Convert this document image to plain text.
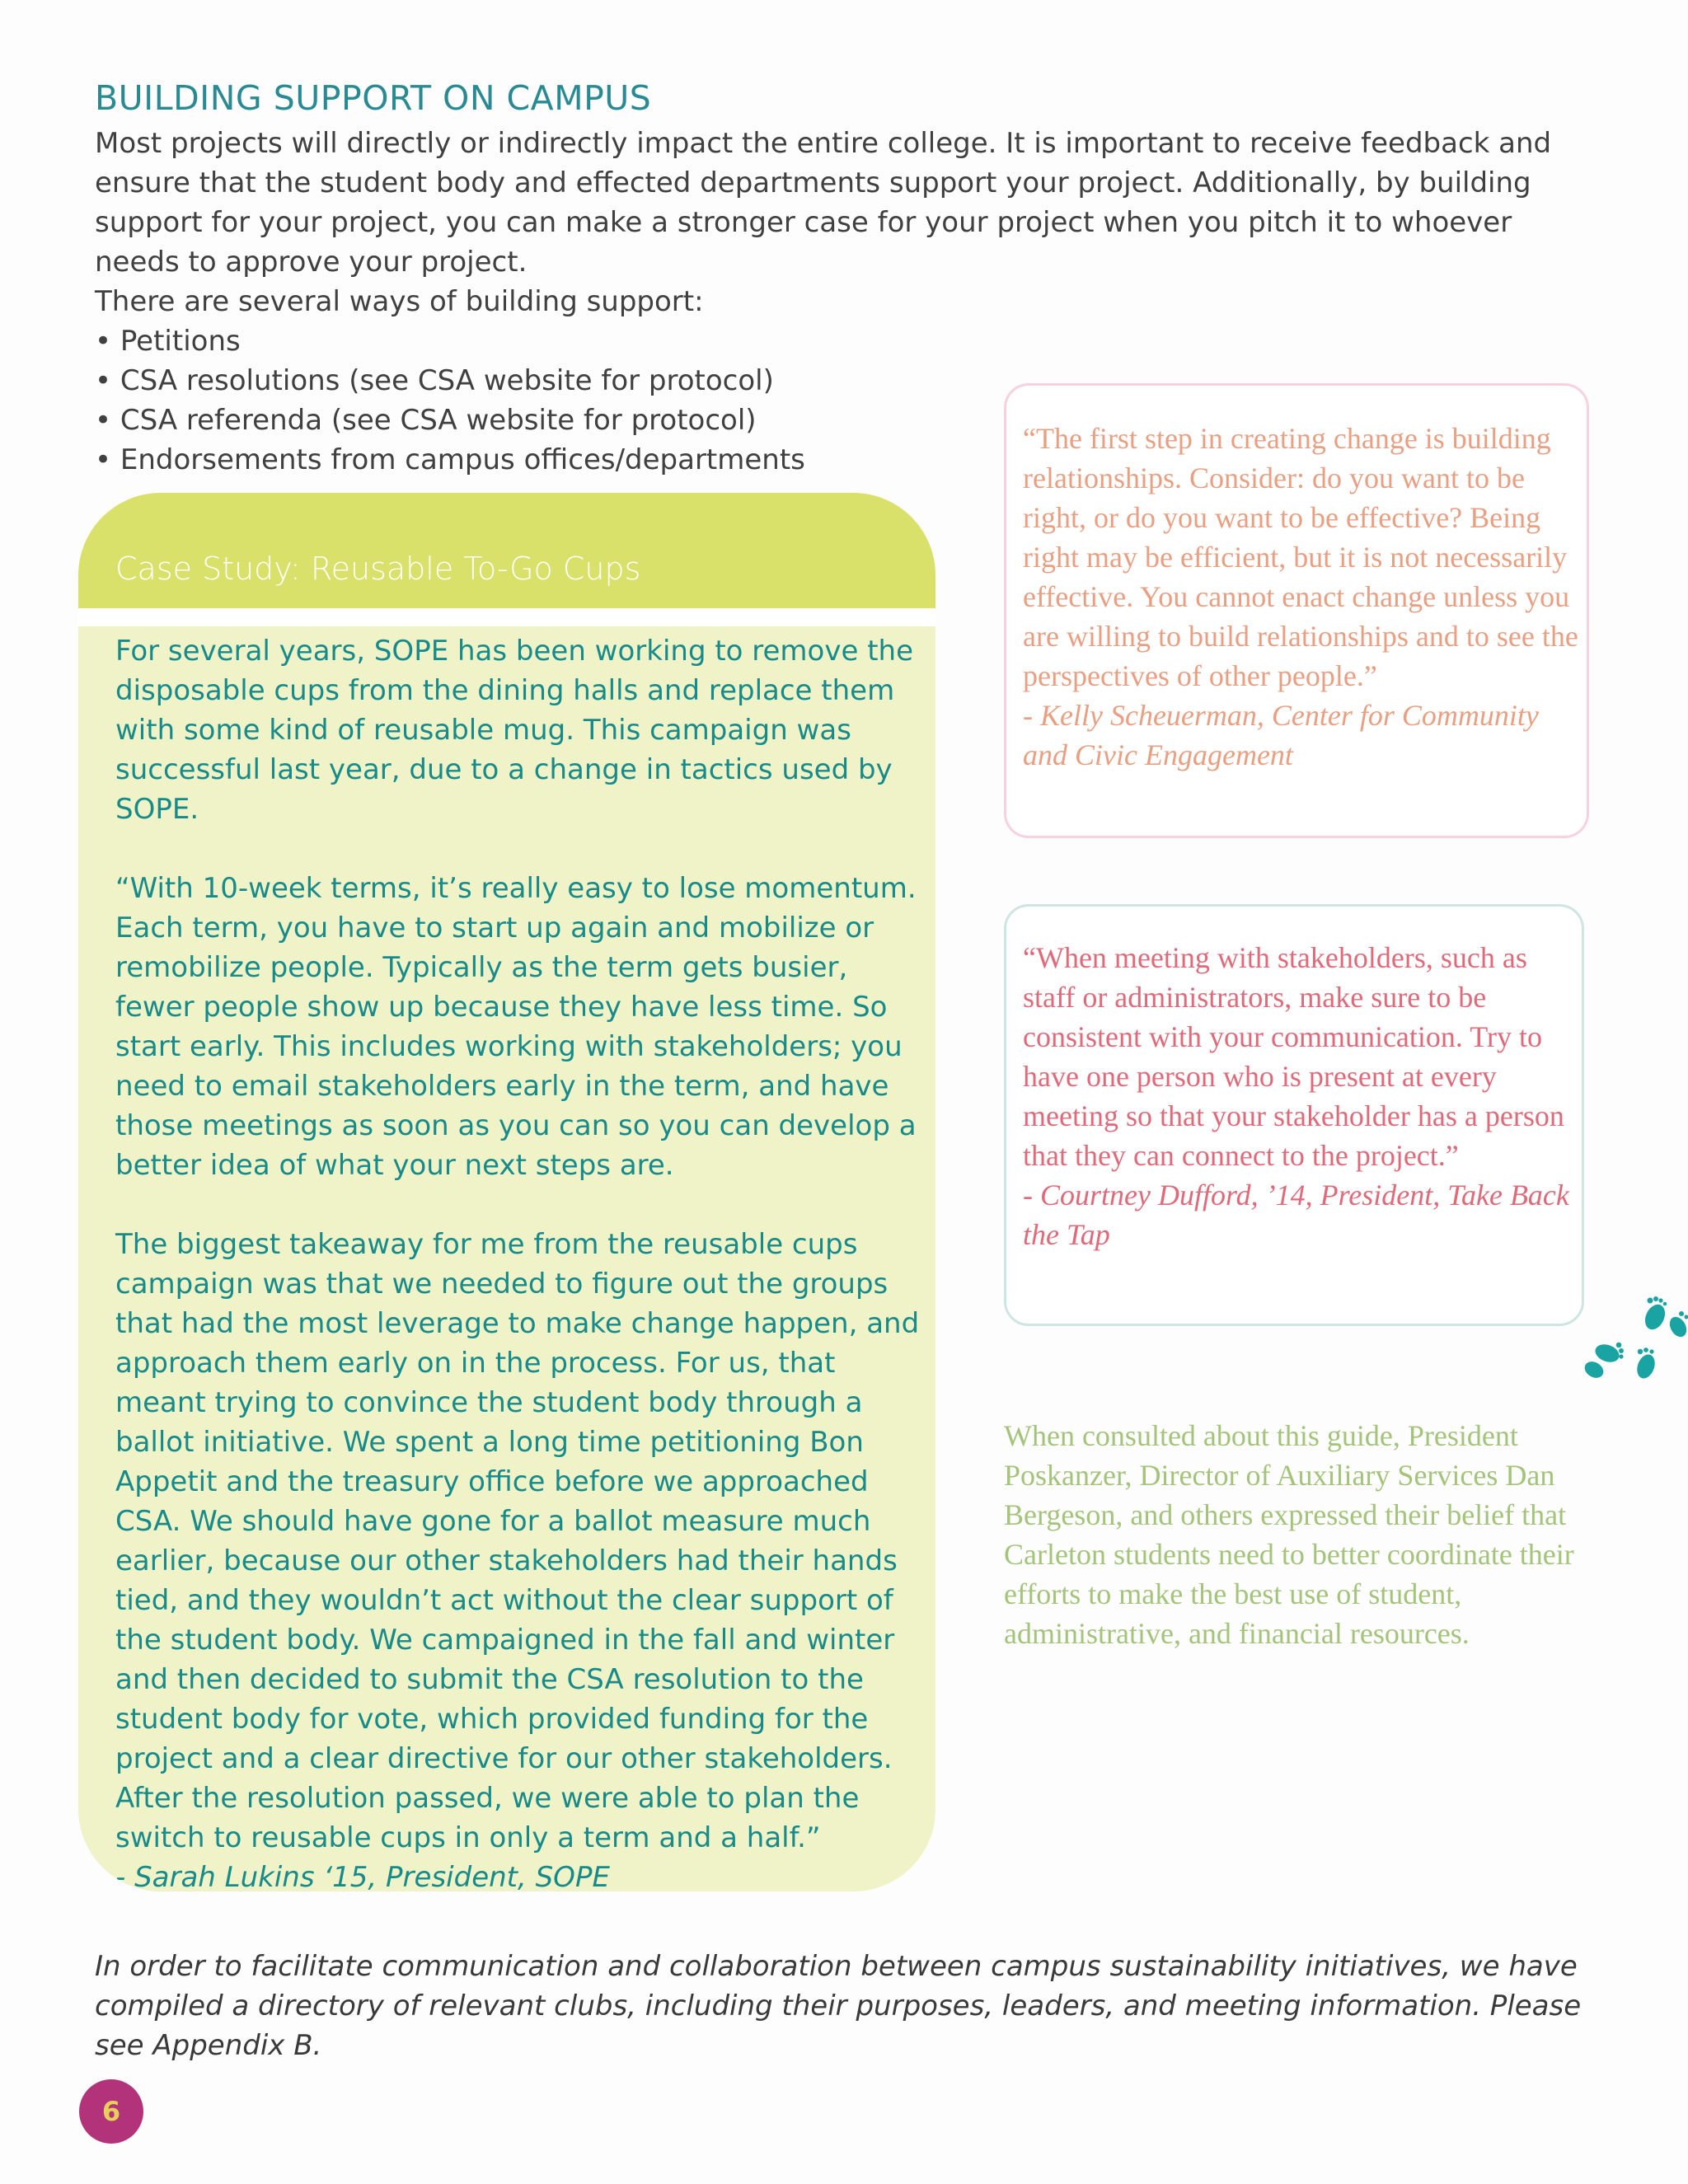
BUILDING SUPPORT ON CAMPUS

Most projects will directly or indirectly impact the entire college. It is important to receive feedback and ensure that the student body and effected departments support your project. Additionally, by building support for your project, you can make a stronger case for your project when you pitch it to whoever needs to approve your project.

There are several ways of building support:

• Petitions
• CSA resolutions (see CSA website for protocol)
• CSA referenda (see CSA website for protocol)
• Endorsements from campus offices/departments
Case Study: Reusable To-Go Cups

For several years, SOPE has been working to remove the disposable cups from the dining halls and replace them with some kind of reusable mug. This campaign was successful last year, due to a change in tactics used by SOPE.

“With 10-week terms, it’s really easy to lose momentum. Each term, you have to start up again and mobilize or remobilize people. Typically as the term gets busier, fewer people show up because they have less time. So start early. This includes working with stakeholders; you need to email stakeholders early in the term, and have those meetings as soon as you can so you can develop a better idea of what your next steps are.

The biggest takeaway for me from the reusable cups campaign was that we needed to figure out the groups that had the most leverage to make change happen, and approach them early on in the process. For us, that meant trying to convince the student body through a ballot initiative. We spent a long time petitioning Bon Appetit and the treasury office before we approached CSA. We should have gone for a ballot measure much earlier, because our other stakeholders had their hands tied, and they wouldn’t act without the clear support of the student body. We campaigned in the fall and winter and then decided to submit the CSA resolution to the student body for vote, which provided funding for the project and a clear directive for our other stakeholders. After the resolution passed, we were able to plan the switch to reusable cups in only a term and a half.”

- Sarah Lukins ‘15, President, SOPE

“The first step in creating change is building relationships. Consider: do you want to be right, or do you want to be effective? Being right may be efficient, but it is not necessarily effective. You cannot enact change unless you are willing to build relationships and to see the perspectives of other people.”

- Kelly Scheuerman, Center for Community and Civic Engagement

“When meeting with stakeholders, such as staff or administrators, make sure to be consistent with your communication. Try to have one person who is present at every meeting so that your stakeholder has a person that they can connect to the project.”

- Courtney Dufford, ’14, President, Take Back the Tap

When consulted about this guide, President Poskanzer, Director of Auxiliary Services Dan Bergeson, and others expressed their belief that Carleton students need to better coordinate their efforts to make the best use of student, administrative, and financial resources.
In order to facilitate communication and collaboration between campus sustainability initiatives, we have compiled a directory of relevant clubs, including their purposes, leaders, and meeting information. Please see Appendix B.
6
